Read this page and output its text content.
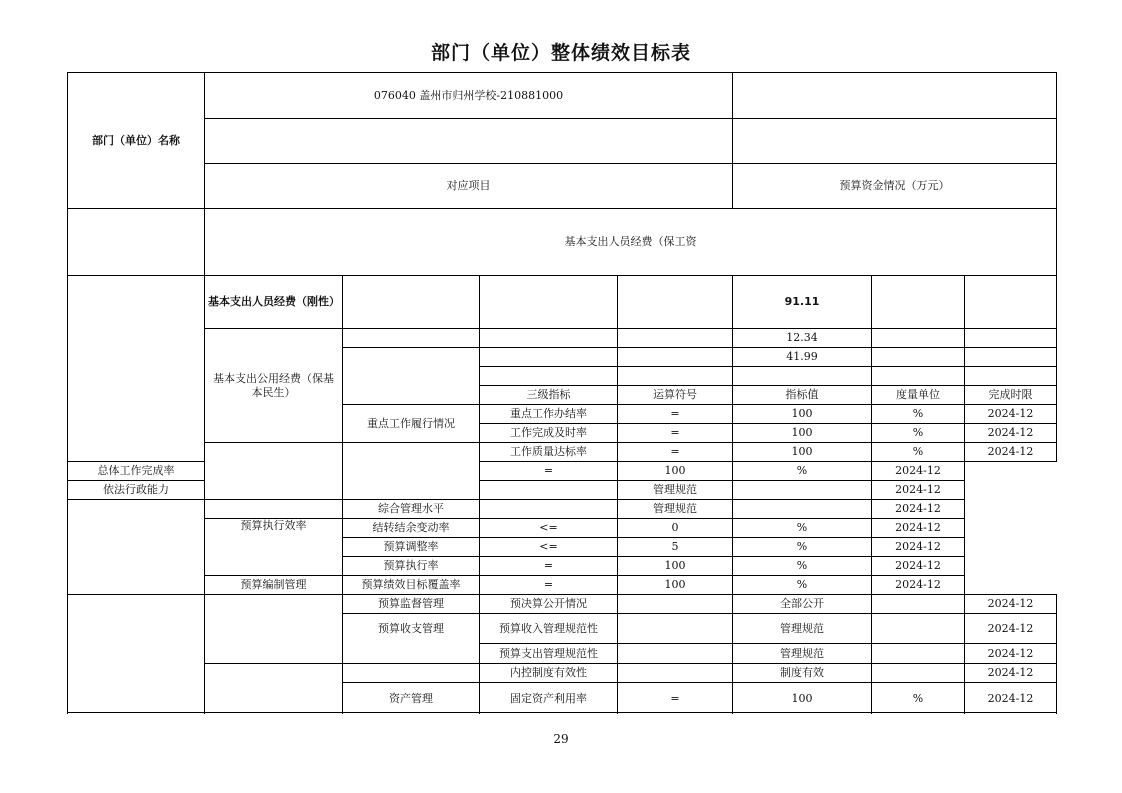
部门（单位）整体绩效目标表
部门（单位）名称	076040 盖州市归州学校-210881000						

	对应项目				预算资金情况（万元）		
	基本支出人员经费（保工资						
	基本支出人员经费（刚性）				91.11		
	基本支出公用经费（保基本民生）				12.34		
					41.99		

			三级指标	运算符号	指标值	度量单位	完成时限
		重点工作履行情况	重点工作办结率	=	100	%	2024-12
			工作完成及时率	=	100	%	2024-12
			工作质量达标率	=	100	%	2024-12
总体工作完成率			=	100	%	2024-12	
依法行政能力				管理规范		2024-12	
		综合管理水平		管理规范		2024-12	
	预算执行效率	结转结余变动率	<=	0	%	2024-12	
		预算调整率	<=	5	%	2024-12	
		预算执行率	=	100	%	2024-12	
	预算编制管理	预算绩效目标覆盖率	=	100	%	2024-12	
		预算监督管理	预决算公开情况		全部公开		2024-12
		预算收支管理	预算收入管理规范性		管理规范		2024-12
			预算支出管理规范性		管理规范		2024-12
			内控制度有效性		制度有效		2024-12
		资产管理	固定资产利用率	=	100	%	2024-12

29
